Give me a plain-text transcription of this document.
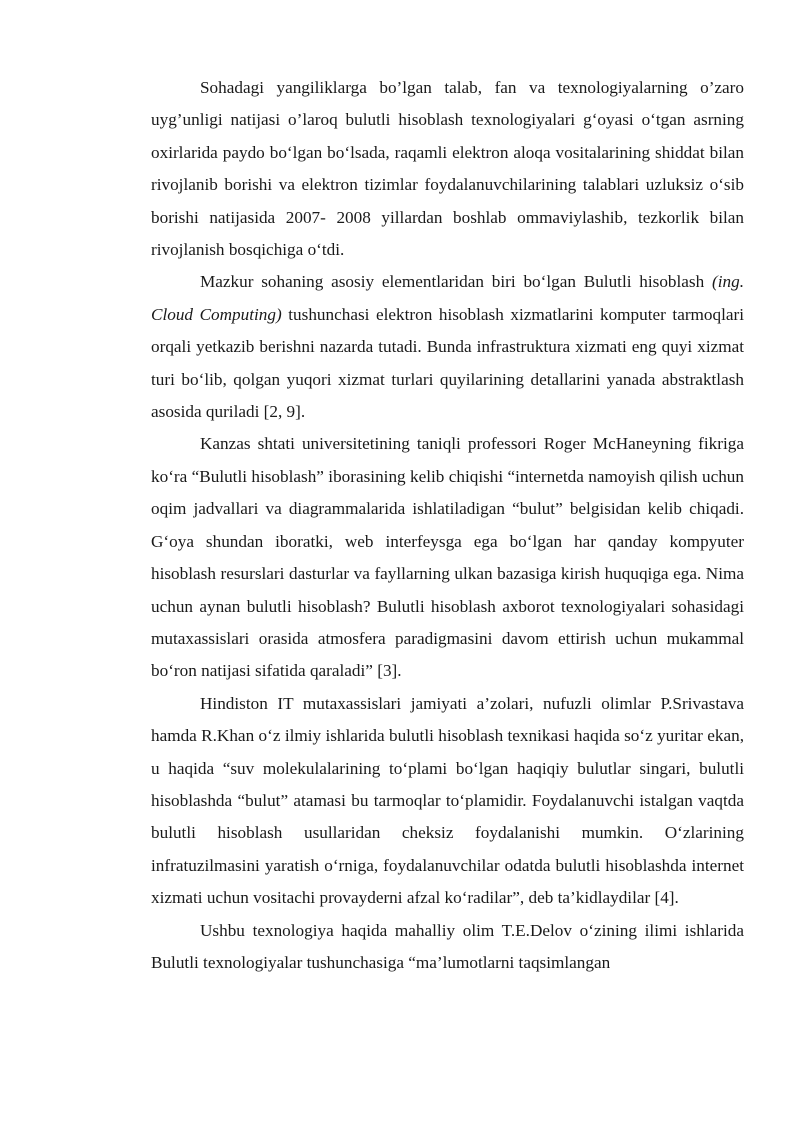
Sohadagi yangiliklarga bo’lgan talab, fan va texnologiyalarning o’zaro uyg’unligi natijasi o’laroq bulutli hisoblash texnologiyalari g‘oyasi o‘tgan asrning oxirlarida paydo bo‘lgan bo‘lsada, raqamli elektron aloqa vositalarining shiddat bilan rivojlanib borishi va elektron tizimlar foydalanuvchilarining talablari uzluksiz o‘sib borishi natijasida 2007- 2008 yillardan boshlab ommaviylashib, tezkorlik bilan rivojlanish bosqichiga o‘tdi.

Mazkur sohaning asosiy elementlaridan biri bo‘lgan Bulutli hisoblash (ing. Cloud Computing) tushunchasi elektron hisoblash xizmatlarini komputer tarmoqlari orqali yetkazib berishni nazarda tutadi. Bunda infrastruktura xizmati eng quyi xizmat turi bo‘lib, qolgan yuqori xizmat turlari quyilarining detallarini yanada abstraktlash asosida quriladi [2, 9].

Kanzas shtati universitetining taniqli professori Roger McHaneyning fikriga ko‘ra “Bulutli hisoblash” iborasining kelib chiqishi “internetda namoyish qilish uchun oqim jadvallari va diagrammalarida ishlatiladigan “bulut” belgisidan kelib chiqadi. G‘oya shundan iboratki, web interfeysga ega bo‘lgan har qanday kompyuter hisoblash resurslari dasturlar va fayllarning ulkan bazasiga kirish huquqiga ega. Nima uchun aynan bulutli hisoblash? Bulutli hisoblash axborot texnologiyalari sohasidagi mutaxassislari orasida atmosfera paradigmasini davom ettirish uchun mukammal bo‘ron natijasi sifatida qaraladi” [3].

Hindiston IT mutaxassislari jamiyati a’zolari, nufuzli olimlar P.Srivastava hamda R.Khan o‘z ilmiy ishlarida bulutli hisoblash texnikasi haqida so‘z yuritar ekan, u haqida “suv molekulalarining to‘plami bo‘lgan haqiqiy bulutlar singari, bulutli hisoblashda “bulut” atamasi bu tarmoqlar to‘plamidir. Foydalanuvchi istalgan vaqtda bulutli hisoblash usullaridan cheksiz foydalanishi mumkin. O‘zlarining infratuzilmasini yaratish o‘rniga, foydalanuvchilar odatda bulutli hisoblashda internet xizmati uchun vositachi provayderni afzal ko‘radilar”, deb ta’kidlaydilar [4].

Ushbu texnologiya haqida mahalliy olim T.E.Delov o‘zining ilimi ishlarida Bulutli texnologiyalar tushunchasiga “ma’lumotlarni taqsimlangan
